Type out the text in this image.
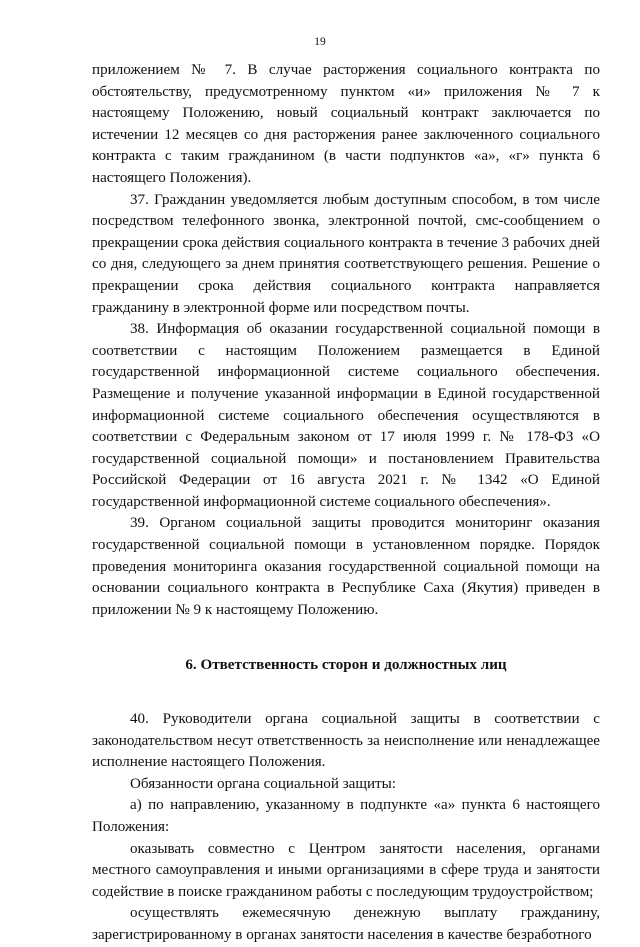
19

приложением № 7. В случае расторжения социального контракта по обстоятельству, предусмотренному пунктом «и» приложения № 7 к настоящему Положению, новый социальный контракт заключается по истечении 12 месяцев со дня расторжения ранее заключенного социального контракта с таким гражданином (в части подпунктов «а», «г» пункта 6 настоящего Положения).

37. Гражданин уведомляется любым доступным способом, в том числе посредством телефонного звонка, электронной почтой, смс-сообщением о прекращении срока действия социального контракта в течение 3 рабочих дней со дня, следующего за днем принятия соответствующего решения. Решение о прекращении срока действия социального контракта направляется гражданину в электронной форме или посредством почты.

38. Информация об оказании государственной социальной помощи в соответствии с настоящим Положением размещается в Единой государственной информационной системе социального обеспечения. Размещение и получение указанной информации в Единой государственной информационной системе социального обеспечения осуществляются в соответствии с Федеральным законом от 17 июля 1999 г. № 178-ФЗ «О государственной социальной помощи» и постановлением Правительства Российской Федерации от 16 августа 2021 г. № 1342 «О Единой государственной информационной системе социального обеспечения».

39. Органом социальной защиты проводится мониторинг оказания государственной социальной помощи в установленном порядке. Порядок проведения мониторинга оказания государственной социальной помощи на основании социального контракта в Республике Саха (Якутия) приведен в приложении № 9 к настоящему Положению.

6. Ответственность сторон и должностных лиц

40. Руководители органа социальной защиты в соответствии с законодательством несут ответственность за неисполнение или ненадлежащее исполнение настоящего Положения.

Обязанности органа социальной защиты:

а) по направлению, указанному в подпункте «а» пункта 6 настоящего Положения:

оказывать совместно с Центром занятости населения, органами местного самоуправления и иными организациями в сфере труда и занятости содействие в поиске гражданином работы с последующим трудоустройством;

осуществлять ежемесячную денежную выплату гражданину, зарегистрированному в органах занятости населения в качестве безработного
